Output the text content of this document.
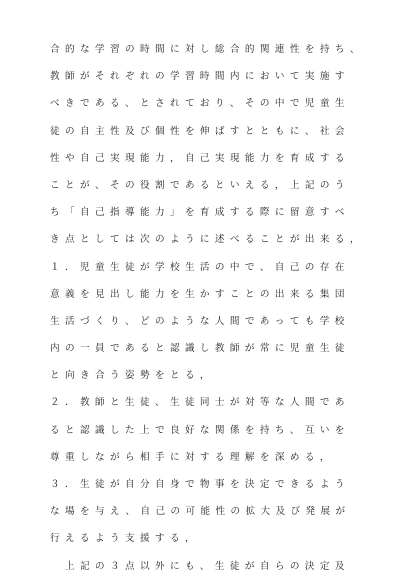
合的な学習の時間に対し総合的関連性を持ち、
教師がそれぞれの学習時間内において実施す
べきである、とされており、その中で児童生
徒の自主性及び個性を伸ばすとともに、社会
性や自己実現能力，自己実現能力を育成する
ことが、その役割であるといえる，上記のう
ち「自己指導能力」を育成する際に留意すべ
き点としては次のように述べることが出来る，
１．児童生徒が学校生活の中で、自己の存在
意義を見出し能力を生かすことの出来る集団
生活づくり、どのような人間であっても学校
内の一員であると認識し教師が常に児童生徒
と向き合う姿勢をとる，
２．教師と生徒、生徒同士が対等な人間であ
ると認識した上で良好な関係を持ち、互いを
尊重しながら相手に対する理解を深める，
３．生徒が自分自身で物事を決定できるよう
な場を与え、自己の可能性の拡大及び発展が
行えるよう支援する，
　上記の３点以外にも、生徒が自らの決定及
